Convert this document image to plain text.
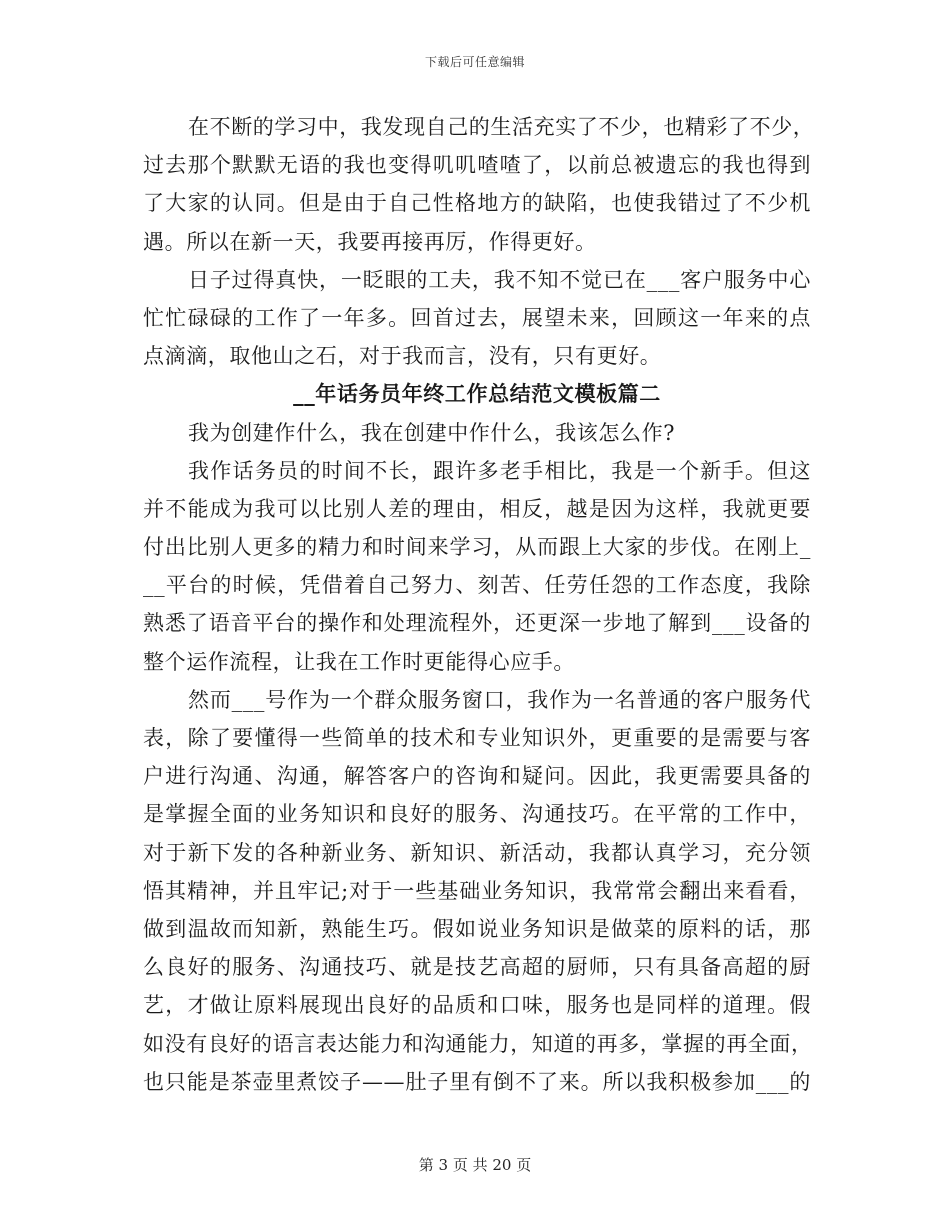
下载后可任意编辑
在不断的学习中，我发现自己的生活充实了不少，也精彩了不少，
过去那个默默无语的我也变得叽叽喳喳了，以前总被遗忘的我也得到
了大家的认同。但是由于自己性格地方的缺陷，也使我错过了不少机
遇。所以在新一天，我要再接再厉，作得更好。
日子过得真快，一眨眼的工夫，我不知不觉已在___客户服务中心
忙忙碌碌的工作了一年多。回首过去，展望未来，回顾这一年来的点
点滴滴，取他山之石，对于我而言，没有，只有更好。
__年话务员年终工作总结范文模板篇二
我为创建作什么，我在创建中作什么，我该怎么作?
我作话务员的时间不长，跟许多老手相比，我是一个新手。但这
并不能成为我可以比别人差的理由，相反，越是因为这样，我就更要
付出比别人更多的精力和时间来学习，从而跟上大家的步伐。在刚上_
__平台的时候，凭借着自己努力、刻苦、任劳任怨的工作态度，我除
熟悉了语音平台的操作和处理流程外，还更深一步地了解到___设备的
整个运作流程，让我在工作时更能得心应手。
然而___号作为一个群众服务窗口，我作为一名普通的客户服务代
表，除了要懂得一些简单的技术和专业知识外，更重要的是需要与客
户进行沟通、沟通，解答客户的咨询和疑问。因此，我更需要具备的
是掌握全面的业务知识和良好的服务、沟通技巧。在平常的工作中，
对于新下发的各种新业务、新知识、新活动，我都认真学习，充分领
悟其精神，并且牢记;对于一些基础业务知识，我常常会翻出来看看，
做到温故而知新，熟能生巧。假如说业务知识是做菜的原料的话，那
么良好的服务、沟通技巧、就是技艺高超的厨师，只有具备高超的厨
艺，才做让原料展现出良好的品质和口味，服务也是同样的道理。假
如没有良好的语言表达能力和沟通能力，知道的再多，掌握的再全面，
也只能是茶壶里煮饺子——肚子里有倒不了来。所以我积极参加___的
第 3 页 共 20 页
